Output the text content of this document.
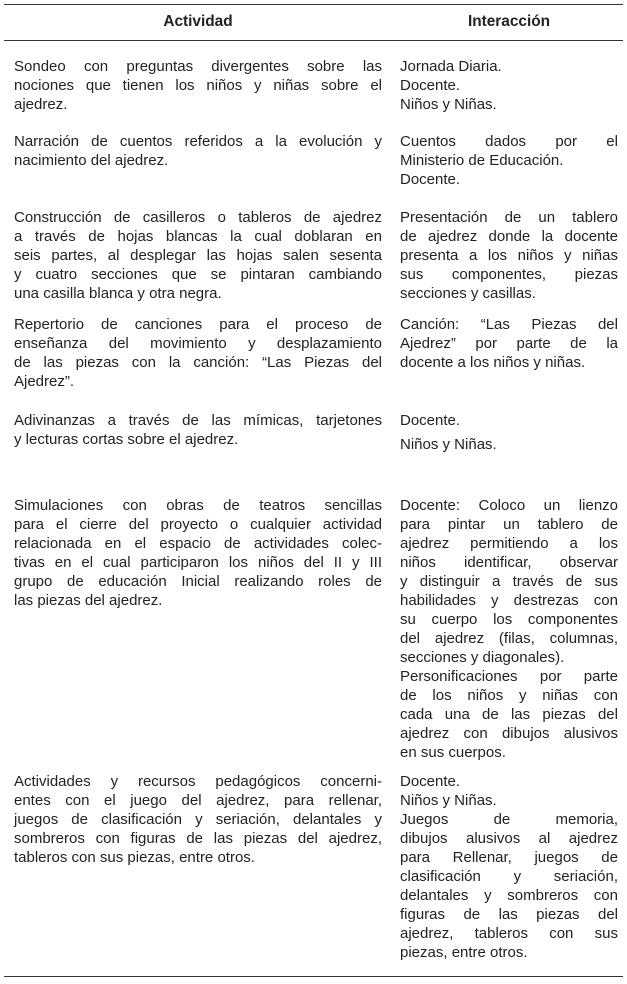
Actividad	Interacción
Sondeo con preguntas divergentes sobre las
nociones que tienen los niños y niñas sobre el
ajedrez.
Jornada Diaria.
Docente.
Niños y Niñas.
Narración de cuentos referidos a la evolución y
nacimiento del ajedrez.
Cuentos dados por el
Ministerio de Educación.
Docente.
Construcción de casilleros o tableros de ajedrez
a través de hojas blancas la cual doblaran en
seis partes, al desplegar las hojas salen sesenta
y cuatro secciones que se pintaran cambiando
una casilla blanca y otra negra.
Presentación de un tablero
de ajedrez donde la docente
presenta a los niños y niñas
sus componentes, piezas
secciones y casillas.
Repertorio de canciones para el proceso de
enseñanza del movimiento y desplazamiento
de las piezas con la canción: “Las Piezas del
Ajedrez”.
Canción: “Las Piezas del
Ajedrez” por parte de la
docente a los niños y niñas.
Adivinanzas a través de las mímicas, tarjetones
y lecturas cortas sobre el ajedrez.
Docente.
Niños y Niñas.
Simulaciones con obras de teatros sencillas
para el cierre del proyecto o cualquier actividad
relacionada en el espacio de actividades colec-
tivas en el cual participaron los niños del II y III
grupo de educación Inicial realizando roles de
las piezas del ajedrez.
Docente: Coloco un lienzo
para pintar un tablero de
ajedrez permitiendo a los
niños identificar, observar
y distinguir a través de sus
habilidades y destrezas con
su cuerpo los componentes
del ajedrez (filas, columnas,
secciones y diagonales).
Personificaciones por parte
de los niños y niñas con
cada una de las piezas del
ajedrez con dibujos alusivos
en sus cuerpos.
Actividades y recursos pedagógicos concerni-
entes con el juego del ajedrez, para rellenar,
juegos de clasificación y seriación, delantales y
sombreros con figuras de las piezas del ajedrez,
tableros con sus piezas, entre otros.
Docente.
Niños y Niñas.
Juegos de memoria,
dibujos alusivos al ajedrez
para Rellenar, juegos de
clasificación y seriación,
delantales y sombreros con
figuras de las piezas del
ajedrez, tableros con sus
piezas, entre otros.
